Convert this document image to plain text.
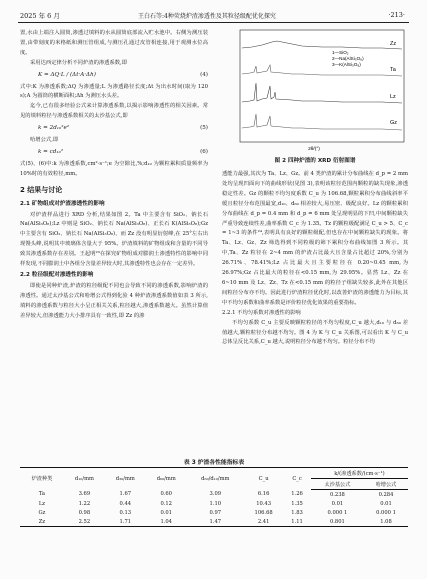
2025 年 6 月	王白石等:4种荧烧炉渣渗透性及其粒径级配优化探究	·213·

置,水由上端注入圆筒,渗透过填料的水从圆筒底部流入贮水池中。右侧为测压装置,由带刻度的米格纸和测压管组成,与测压孔通过皮管相连接,用于观测水位高度。

采用达西定律分析不同炉渣的渗透系数,即

K = ΔQ·L / (Δt·A·Δh)	(4)

式中:K 为渗透系数;ΔQ 为渗透量;L 为渗透路径长度;Δt 为出水时间(取为 120 s);A 为圆筒的横断面积;Δh 为测压水头差。

迄今,已有很多经验公式来计算渗透系数,以揭示影响渗透性的相关因素。常见的填料粒径与渗透系数相关的太沙基公式,即

k = 2d₁₀²e²	(5)

哈增公式,即

k = cd₁₀²	(6)

式(5)、(6)中:k 为渗透系数,cm²·s⁻¹;e 为空隙比,%;d₁₀ 为颗粒累积质量频率为 10%时的有效粒径,mm。

2 结果与讨论
2.1 矿物组成对炉渣渗透性的影响

对炉渣样品进行 XRD 分析,结果如图 2。Ta 中主要含有 SiO₂、钠长石 Na(AlSi₃O₈);Lz 中则是 SiO₂、钠长石 Na(AlSi₃O₈)、正长石 K(AlSi₃O₈);Gz 中主要含有 SiO₂、钠长石 Na(AlSi₃O₈)、而 Zz 没有明显衍射峰,在 25°左右出现馒头峰,说明其中玻璃体含量大于 95%。炉渣填料的矿物组成和含量的不同导致其渗透系数存在差别。王起明²³在探究矿物组成对膨润土渗透特性的影响中同样发现,不同膨润土中各组分含量差异较大时,其渗透特性也会存在一定差异。

2.2 粒径级配对渗透性的影响

即使是同种炉渣,炉渣的粒径级配不同也会导致不同的渗透系数,影响炉渣的渗透性。通过太沙基公式和哈增公式得到化验 4 种炉渣渗透系数值如表 3 所示,填料的渗透系数与粒径大小呈正相关关系,粒径越大,渗透系数越大。虽然计算值差异较大,但渗透能力大小排序具有一致性,即 Zz 的渗

Zz
Ta
Lz
Gz
1—SiO₂
2—Na(AlSi₃O₈)
3—K(AlSi₃O₈)
2θ/(°)
图 2 四种炉渣的 XRD 衍射图谱

透能力最强,其次为 Ta、Lz、Gz。前 4 类炉渣的累计分布曲线在 d_p = 2 mm 处均呈现凹面向下的曲线形状(见图 3),表明该粒径范围内颗粒的缺失现象,渗透稳定性差。Gz 的颗粒不均匀度系数 C_u 为 106.68,颗粒累积分布曲线斜率平缓且粒径分布范围最宽,d₁₀、d₆₀ 相差较大,易压密、级配良好。Lz 的颗粒累积分布曲线在 d_p = 0.4 mm 和 d_p = 6 mm 处呈现明显的下凹,中间颗粒缺失严重导致连续性差,曲率系数 C_c 为 1.35。Tz 的颗粒级配满足 C_u > 5、C_c = 1~3 的条件²⁴,表明具有良好的颗粒级配,但也存在中间颗粒缺失的现象。将 Ta、Lz、Gz、Zz 筛选得到不同粒级的筛下累积分布曲线如图 3 所示。其中,Ta、Zz 粒径在 2~4 mm 的炉渣占比最大且含量占比超过 20%,分别为 26.71%、78.41%;Lz 占比最大且主要粒径在 0.20~0.45 mm,为 26.97%;Gz 占比最大的粒径在<0.15 mm,为 29.95%。显然 Lz、Zz 在 6~10 mm 及 Lz、Zz、Tz 在<0.15 mm 的粒径子组缺失较多,此外在其他区间粒径分布亦不均。因此进行炉渣粒径优化时,以改善炉渣的渗透能力为目标,其中不均匀系数和曲率系数是评价粒径优化效果的重要指标。

2.2.1 不均匀系数对渗透性的影响

不均匀系数 C_u 主要反映颗粒粒径的不均匀程度,C_u 越大,d₁₀ 与 d₆₀ 差值越大,颗粒粒径分布越不均匀。图 4 为 K 与 C_u 关系图,可以看出 K 与 C_u 总体呈反比关系,C_u 越大,说明粒径分布越不均匀。粒径分布不均

表 3 炉渣各性能指标表
炉渣种类	d₁₀/mm	d₃₀/mm	d₆₀/mm	d₆₀/d₁₀/mm	C_u	C_c	k/(渗透系数/(cm·s⁻¹)	
							太沙基公式	哈增公式
Ta	3.69	1.67	0.60	3.09	6.16	1.26	0.238	0.284
Lz	1.22	0.44	0.12	1.10	10.43	1.35	0.01	0.01
Gz	0.98	0.13	0.01	0.97	106.68	1.83	0.000 1	0.000 1
Zz	2.52	1.71	1.04	1.47	2.41	1.11	0.801	1.08
